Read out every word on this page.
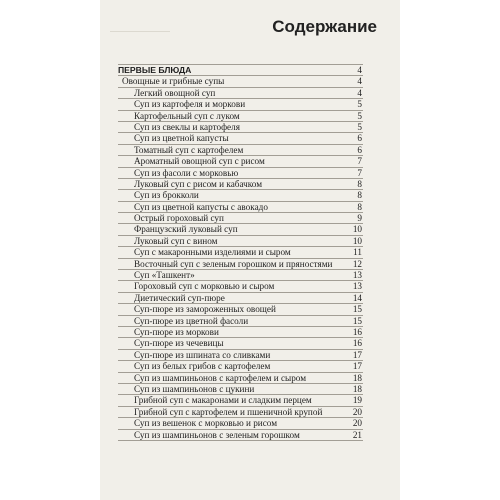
Содержание
ПЕРВЫЕ БЛЮДА	4
Овощные и грибные супы	4
Легкий овощной суп	4
Суп из картофеля и моркови	5
Картофельный суп с луком	5
Суп из свеклы и картофеля	5
Суп из цветной капусты	6
Томатный суп с картофелем	6
Ароматный овощной суп с рисом	7
Суп из фасоли с морковью	7
Луковый суп с рисом и кабачком	8
Суп из брокколи	8
Суп из цветной капусты с авокадо	8
Острый гороховый суп	9
Французский луковый суп	10
Луковый суп с вином	10
Суп с макаронными изделиями и сыром	11
Восточный суп с зеленым горошком и пряностями 12
Суп «Ташкент»	13
Гороховый суп с морковью и сыром	13
Диетический суп-пюре	14
Суп-пюре из замороженных овощей	15
Суп-пюре из цветной фасоли	15
Суп-пюре из моркови	16
Суп-пюре из чечевицы	16
Суп-пюре из шпината со сливками	17
Суп из белых грибов с картофелем	17
Суп из шампиньонов с картофелем и сыром	18
Суп из шампиньонов с цукини	18
Грибной суп с макаронами и сладким перцем	19
Грибной суп с картофелем и пшеничной крупой	20
Суп из вешенок с морковью и рисом	20
Суп из шампиньонов с зеленым горошком	21
